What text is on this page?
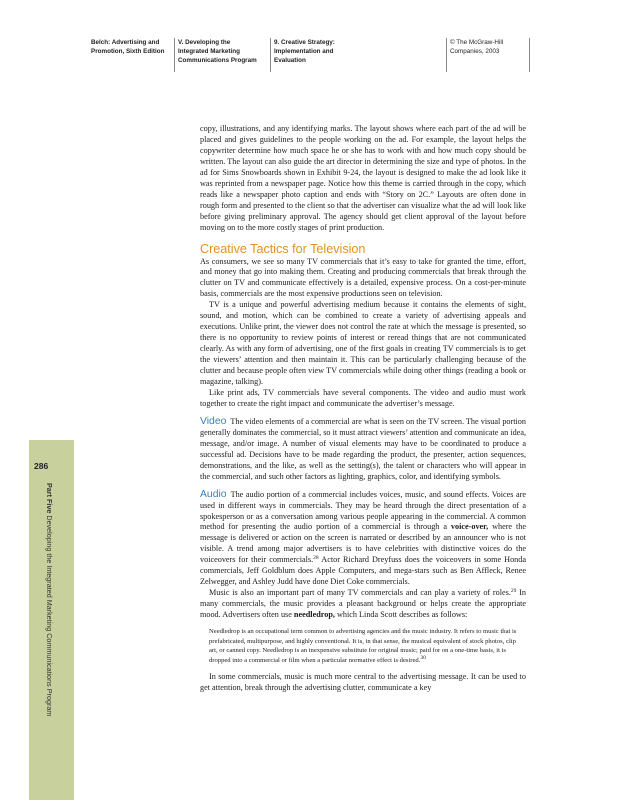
Belch: Advertising and
Promotion, Sixth Edition
V. Developing the
Integrated Marketing
Communications Program
9. Creative Strategy:
Implementation and
Evaluation
© The McGraw-Hill
Companies, 2003
286
Part Five Developing the Integrated Marketing Communications Program

copy, illustrations, and any identifying marks. The layout shows where each part of the ad will be placed and gives guidelines to the people working on the ad. For example, the layout helps the copywriter determine how much space he or she has to work with and how much copy should be written. The layout can also guide the art director in determining the size and type of photos. In the ad for Sims Snowboards shown in Exhibit 9-24, the layout is designed to make the ad look like it was reprinted from a newspaper page. Notice how this theme is carried through in the copy, which reads like a newspaper photo caption and ends with “Story on 2C.” Layouts are often done in rough form and presented to the client so that the advertiser can visualize what the ad will look like before giving preliminary approval. The agency should get client approval of the layout before moving on to the more costly stages of print production.

Creative Tactics for Television

As consumers, we see so many TV commercials that it’s easy to take for granted the time, effort, and money that go into making them. Creating and producing commercials that break through the clutter on TV and communicate effectively is a detailed, expensive process. On a cost-per-minute basis, commercials are the most expensive productions seen on television.

TV is a unique and powerful advertising medium because it contains the elements of sight, sound, and motion, which can be combined to create a variety of advertising appeals and executions. Unlike print, the viewer does not control the rate at which the message is presented, so there is no opportunity to review points of interest or reread things that are not communicated clearly. As with any form of advertising, one of the first goals in creating TV commercials is to get the viewers’ attention and then maintain it. This can be particularly challenging because of the clutter and because people often view TV commercials while doing other things (reading a book or magazine, talking).

Like print ads, TV commercials have several components. The video and audio must work together to create the right impact and communicate the advertiser’s message.

Video The video elements of a commercial are what is seen on the TV screen. The visual portion generally dominates the commercial, so it must attract viewers’ attention and communicate an idea, message, and/or image. A number of visual elements may have to be coordinated to produce a successful ad. Decisions have to be made regarding the product, the presenter, action sequences, demonstrations, and the like, as well as the setting(s), the talent or characters who will appear in the commercial, and such other factors as lighting, graphics, color, and identifying symbols.

Audio The audio portion of a commercial includes voices, music, and sound effects. Voices are used in different ways in commercials. They may be heard through the direct presentation of a spokesperson or as a conversation among various people appearing in the commercial. A common method for presenting the audio portion of a commercial is through a voice-over, where the message is delivered or action on the screen is narrated or described by an announcer who is not visible. A trend among major advertisers is to have celebrities with distinctive voices do the voiceovers for their commercials.$^{28}$ Actor Richard Dreyfuss does the voiceovers in some Honda commercials, Jeff Goldblum does Apple Computers, and mega-stars such as Ben Affleck, Renee Zelwegger, and Ashley Judd have done Diet Coke commercials.

Music is also an important part of many TV commercials and can play a variety of roles.$^{29}$ In many commercials, the music provides a pleasant background or helps create the appropriate mood. Advertisers often use needledrop, which Linda Scott describes as follows:

Needledrop is an occupational term common to advertising agencies and the music industry. It refers to music that is prefabricated, multipurpose, and highly conventional. It is, in that sense, the musical equivalent of stock photos, clip art, or canned copy. Needledrop is an inexpensive substitute for original music; paid for on a one-time basis, it is dropped into a commercial or film when a particular normative effect is desired.$^{30}$

In some commercials, music is much more central to the advertising message. It can be used to get attention, break through the advertising clutter, communicate a key
